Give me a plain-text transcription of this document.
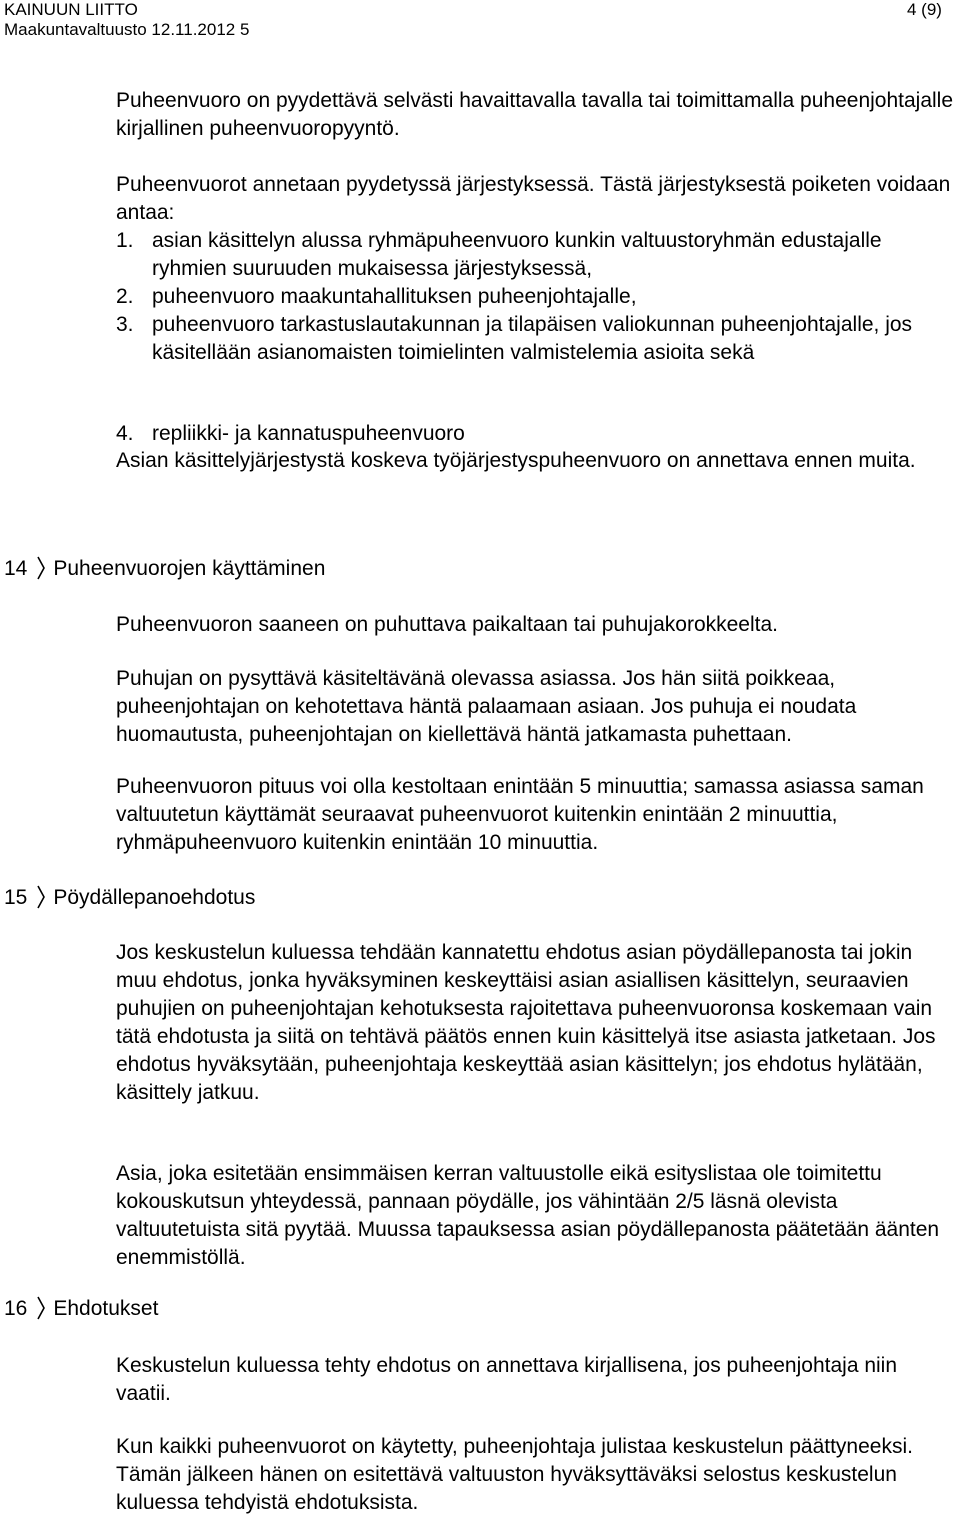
KAINUUN LIITTO
Maakuntavaltuusto 12.11.2012 5
4 (9)

Puheenvuoro on pyydettävä selvästi havaittavalla tavalla tai toimittamalla puheenjohtajalle kirjallinen puheenvuoropyyntö.

Puheenvuorot annetaan pyydetyssä järjestyksessä. Tästä järjestyksestä poiketen voidaan antaa:

1. asian käsittelyn alussa ryhmäpuheenvuoro kunkin valtuustoryhmän edustajalle ryhmien suuruuden mukaisessa järjestyksessä,
2. puheenvuoro maakuntahallituksen puheenjohtajalle,
3. puheenvuoro tarkastuslautakunnan ja tilapäisen valiokunnan puheenjohtajalle, jos käsitellään asianomaisten toimielinten valmistelemia asioita sekä
4. repliikki- ja kannatuspuheenvuoro

Asian käsittelyjärjestystä koskeva työjärjestyspuheenvuoro on annettava ennen muita.

14 Puheenvuorojen käyttäminen

Puheenvuoron saaneen on puhuttava paikaltaan tai puhujakorokkeelta.

Puhujan on pysyttävä käsiteltävänä olevassa asiassa. Jos hän siitä poikkeaa, puheenjohtajan on kehotettava häntä palaamaan asiaan. Jos puhuja ei noudata huomautusta, puheenjohtajan on kiellettävä häntä jatkamasta puhettaan.

Puheenvuoron pituus voi olla kestoltaan enintään 5 minuuttia; samassa asiassa saman valtuutetun käyttämät seuraavat puheenvuorot kuitenkin enintään 2 minuuttia, ryhmäpuheenvuoro kuitenkin enintään 10 minuuttia.

15 Pöydällepanoehdotus

Jos keskustelun kuluessa tehdään kannatettu ehdotus asian pöydällepanosta tai jokin muu ehdotus, jonka hyväksyminen keskeyttäisi asian asiallisen käsittelyn, seuraavien puhujien on puheenjohtajan kehotuksesta rajoitettava puheenvuoronsa koskemaan vain tätä ehdotusta ja siitä on tehtävä päätös ennen kuin käsittelyä itse asiasta jatketaan. Jos ehdotus hyväksytään, puheenjohtaja keskeyttää asian käsittelyn; jos ehdotus hylätään, käsittely jatkuu.

Asia, joka esitetään ensimmäisen kerran valtuustolle eikä esityslistaa ole toimitettu kokouskutsun yhteydessä, pannaan pöydälle, jos vähintään 2/5 läsnä olevista valtuutetuista sitä pyytää. Muussa tapauksessa asian pöydällepanosta päätetään äänten enemmistöllä.

16 Ehdotukset

Keskustelun kuluessa tehty ehdotus on annettava kirjallisena, jos puheenjohtaja niin vaatii.

Kun kaikki puheenvuorot on käytetty, puheenjohtaja julistaa keskustelun päättyneeksi. Tämän jälkeen hänen on esitettävä valtuuston hyväksyttäväksi selostus keskustelun kuluessa tehdyistä ehdotuksista.
